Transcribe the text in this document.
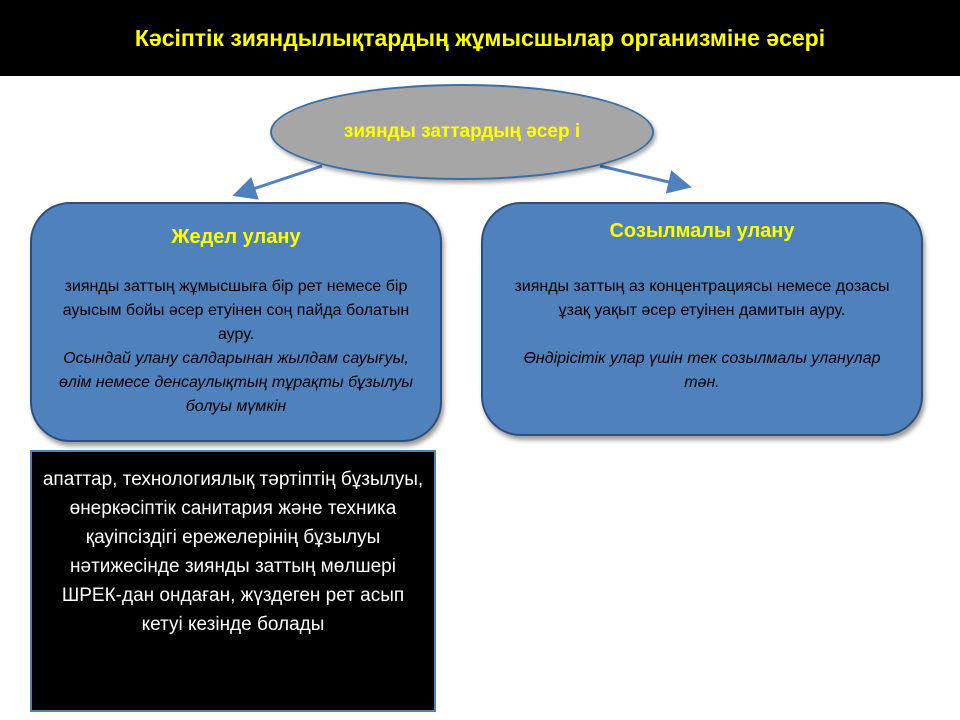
Кәсіптік зияндылықтардың жұмысшылар организміне әсері
зиянды заттардың әсер і
Жедел улану
зиянды заттың жұмысшыға бір рет немесе бір ауысым бойы әсер етуінен соң пайда болатын ауру.
Осындай улану салдарынан жылдам сауығуы, өлім немесе денсаулықтың тұрақты бұзылуы болуы мүмкін
Созылмалы улану
зиянды заттың аз концентрациясы немесе дозасы ұзақ уақыт әсер етуінен дамитын ауру.
Өндірісітік улар үшін тек созылмалы уланулар тән.
апаттар, технологиялық тәртіптің бұзылуы, өнеркәсіптік санитария және техника қауіпсіздігі ережелерінің бұзылуы нәтижесінде зиянды заттың мөлшері ШРЕК-дан ондаған, жүздеген рет асып кетуі кезінде болады
